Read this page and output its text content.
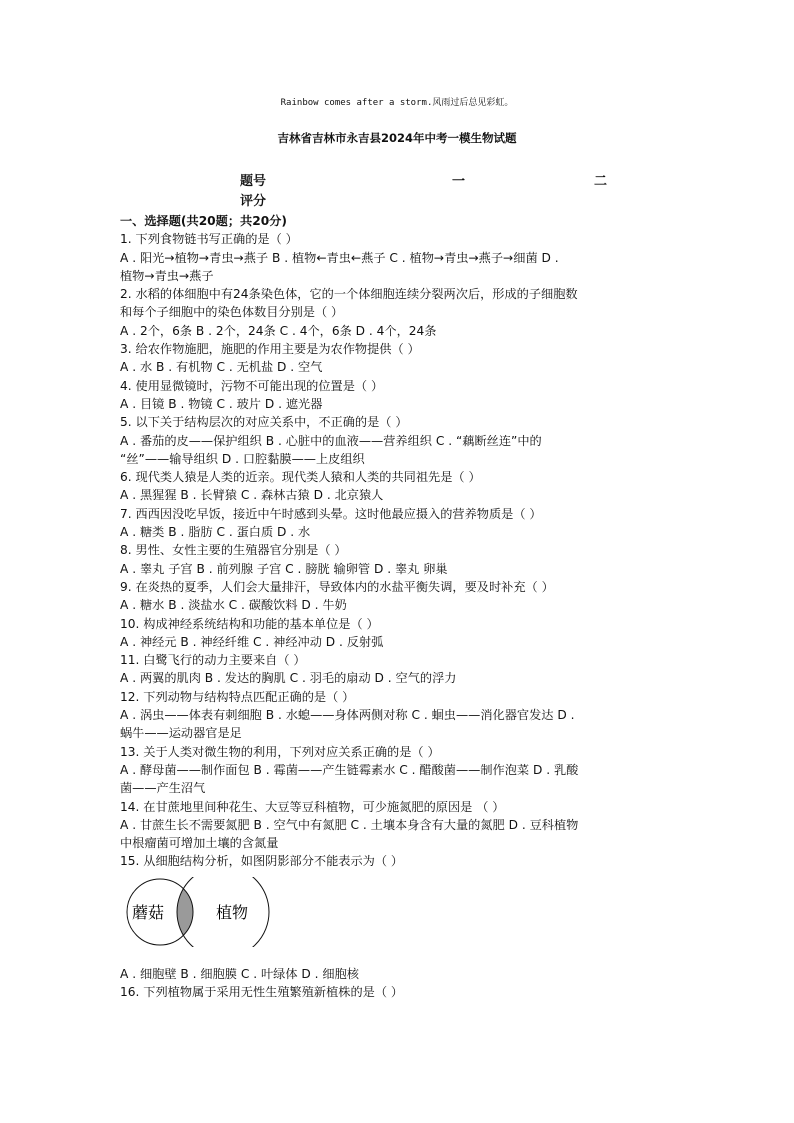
Rainbow comes after a storm.风雨过后总见彩虹。
吉林省吉林市永吉县2024年中考一模生物试题
题号	一	二
评分
一、选择题(共20题；共20分)
1. 下列食物链书写正确的是（ ）
A . 阳光→植物→青虫→燕子 B . 植物←青虫←燕子 C . 植物→青虫→燕子→细菌 D .
植物→青虫→燕子
2. 水稻的体细胞中有24条染色体，它的一个体细胞连续分裂两次后，形成的子细胞数
和每个子细胞中的染色体数目分别是（ ）
A . 2个，6条 B . 2个，24条 C . 4个，6条 D . 4个，24条
3. 给农作物施肥，施肥的作用主要是为农作物提供（ ）
A . 水 B . 有机物 C . 无机盐 D . 空气
4. 使用显微镜时，污物不可能出现的位置是（ ）
A . 目镜 B . 物镜 C . 玻片 D . 遮光器
5. 以下关于结构层次的对应关系中，不正确的是（ ）
A . 番茄的皮——保护组织 B . 心脏中的血液——营养组织 C . “藕断丝连”中的
“丝”——输导组织 D . 口腔黏膜——上皮组织
6. 现代类人猿是人类的近亲。现代类人猿和人类的共同祖先是（ ）
A . 黑猩猩 B . 长臂猿 C . 森林古猿 D . 北京猿人
7. 西西因没吃早饭，接近中午时感到头晕。这时他最应摄入的营养物质是（ ）
A . 糖类 B . 脂肪 C . 蛋白质 D . 水
8. 男性、女性主要的生殖器官分别是（ ）
A . 睾丸 子宫 B . 前列腺 子宫 C . 膀胱 输卵管 D . 睾丸 卵巢
9. 在炎热的夏季，人们会大量排汗，导致体内的水盐平衡失调，要及时补充（ ）
A . 糖水 B . 淡盐水 C . 碳酸饮料 D . 牛奶
10. 构成神经系统结构和功能的基本单位是（ ）
A . 神经元 B . 神经纤维 C . 神经冲动 D . 反射弧
11. 白鹭飞行的动力主要来自（ ）
A . 两翼的肌肉 B . 发达的胸肌 C . 羽毛的扇动 D . 空气的浮力
12. 下列动物与结构特点匹配正确的是（ ）
A . 涡虫——体表有刺细胞 B . 水螅——身体两侧对称 C . 蛔虫——消化器官发达 D .
蜗牛——运动器官是足
13. 关于人类对微生物的利用，下列对应关系正确的是（ ）
A . 酵母菌——制作面包 B . 霉菌——产生链霉素水 C . 醋酸菌——制作泡菜 D . 乳酸
菌——产生沼气
14. 在甘蔗地里间种花生、大豆等豆科植物，可少施氮肥的原因是 （ ）
A . 甘蔗生长不需要氮肥 B . 空气中有氮肥 C . 土壤本身含有大量的氮肥 D . 豆科植物
中根瘤菌可增加土壤的含氮量
15. 从细胞结构分析，如图阴影部分不能表示为（ ）
蘑菇	植物
A . 细胞壁 B . 细胞膜 C . 叶绿体 D . 细胞核
16. 下列植物属于采用无性生殖繁殖新植株的是（ ）
